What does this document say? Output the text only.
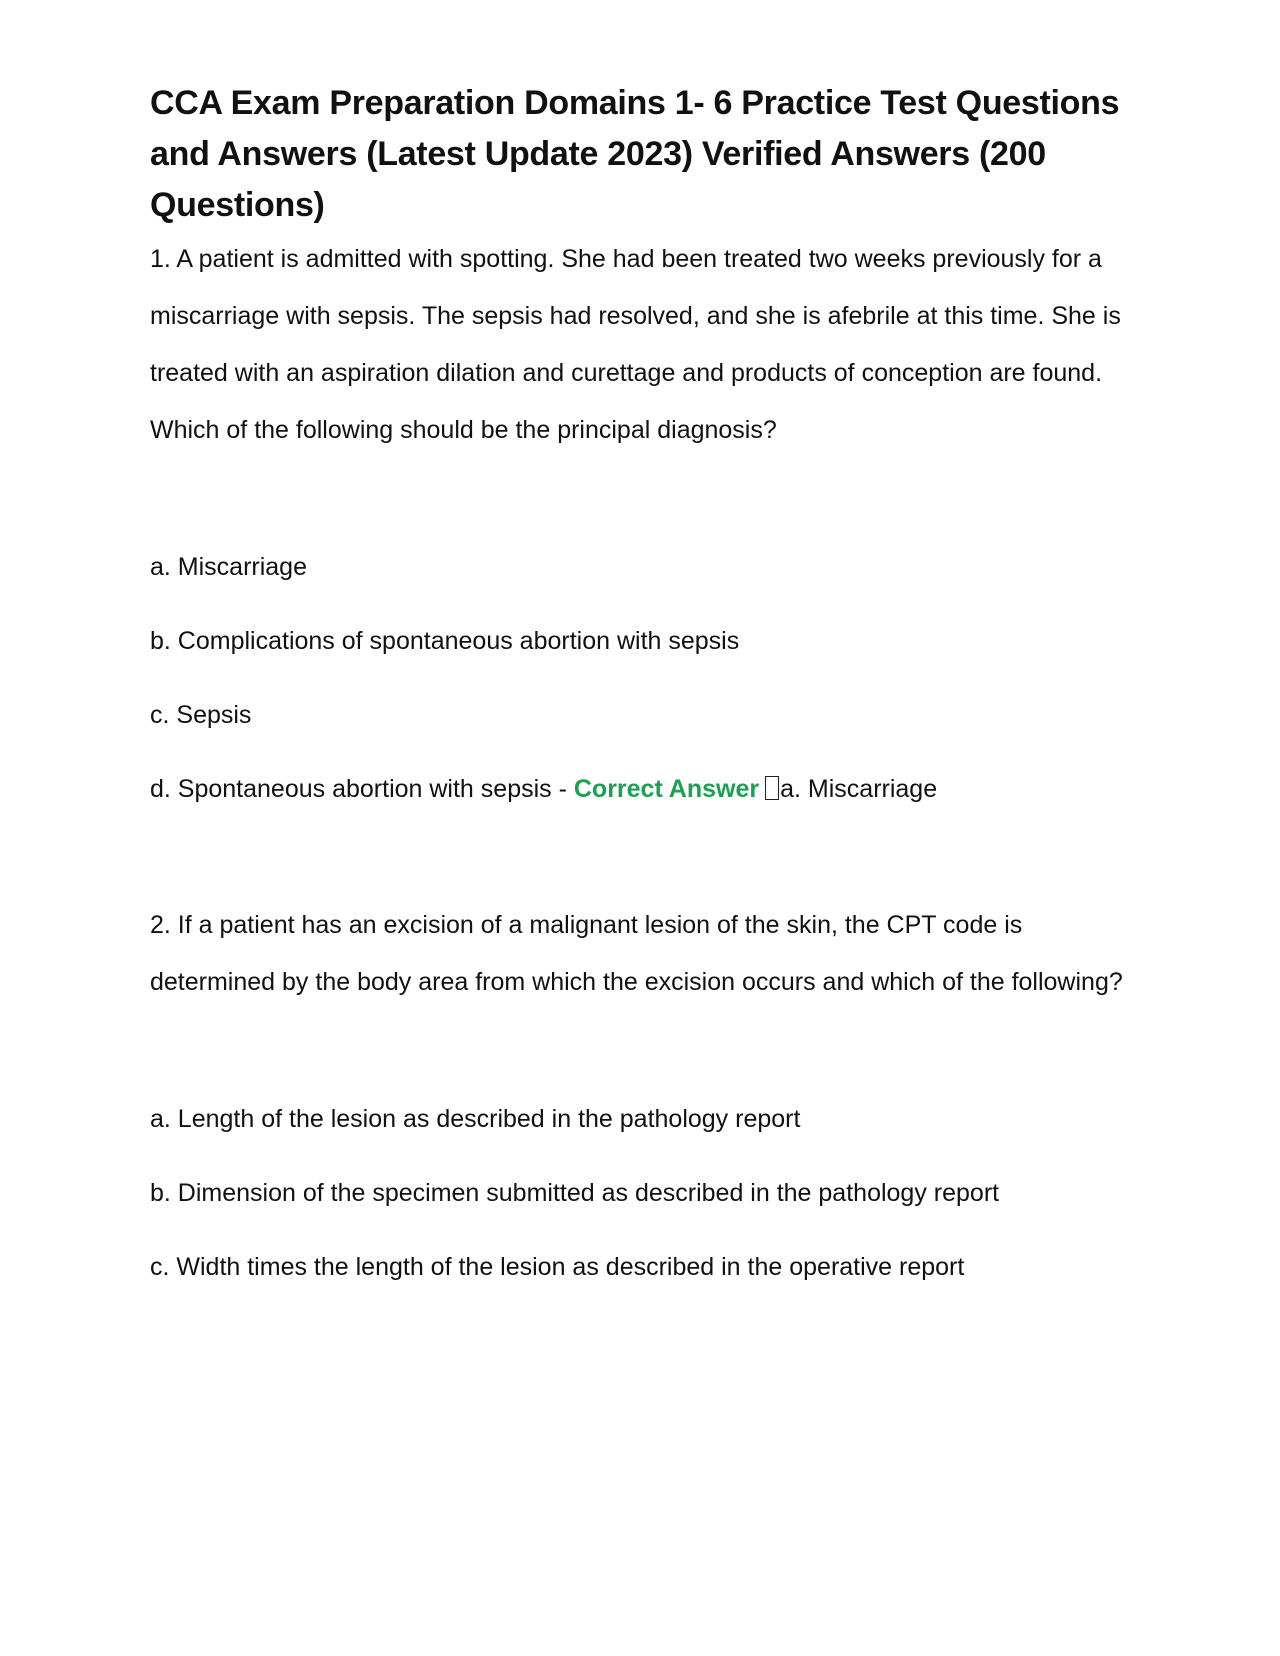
CCA Exam Preparation Domains 1- 6 Practice Test Questions and Answers (Latest Update 2023) Verified Answers (200 Questions)

1. A patient is admitted with spotting. She had been treated two weeks previously for a miscarriage with sepsis. The sepsis had resolved, and she is afebrile at this time. She is treated with an aspiration dilation and curettage and products of conception are found. Which of the following should be the principal diagnosis?

a. Miscarriage

b. Complications of spontaneous abortion with sepsis

c. Sepsis

d. Spontaneous abortion with sepsis - Correct Answer a. Miscarriage

2. If a patient has an excision of a malignant lesion of the skin, the CPT code is determined by the body area from which the excision occurs and which of the following?

a. Length of the lesion as described in the pathology report

b. Dimension of the specimen submitted as described in the pathology report

c. Width times the length of the lesion as described in the operative report
